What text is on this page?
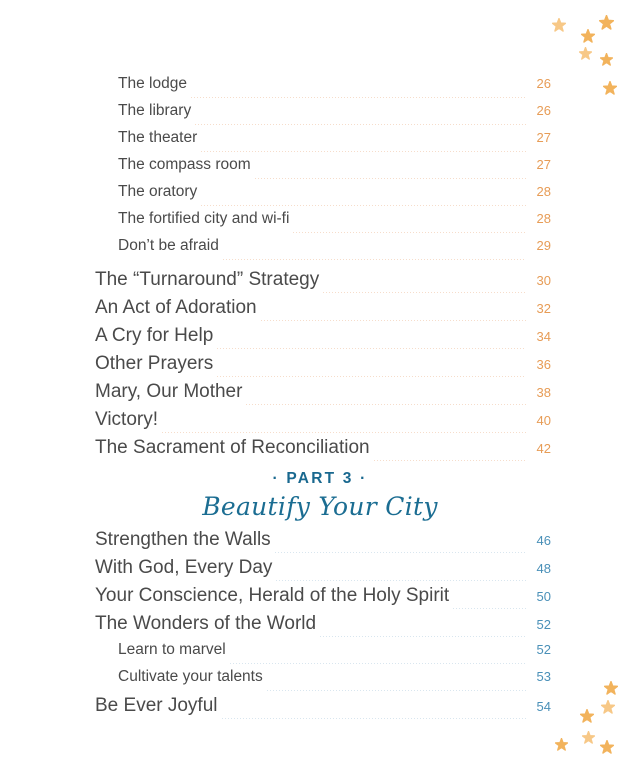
The lodge	26
The library	26
The theater	27
The compass room	27
The oratory	28
The fortified city and wi-fi	28
Don’t be afraid	29
The “Turnaround” Strategy	30
An Act of Adoration	32
A Cry for Help	34
Other Prayers	36
Mary, Our Mother	38
Victory!	40
The Sacrament of Reconciliation	42
Strengthen the Walls	46
With God, Every Day	48
Your Conscience, Herald of the Holy Spirit	50
The Wonders of the World	52
Learn to marvel	52
Cultivate your talents	53
Be Ever Joyful	54

· PART 3 ·

Beautify Your City
